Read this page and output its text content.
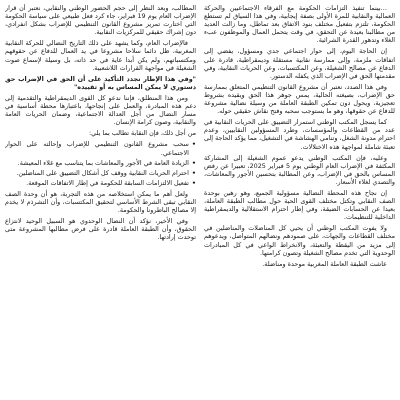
…بينما تنفيذ التزامات الحكومة مع الفرقاء الاجتماعيين والحركة العمالية والنقابية للمرة الأولى بصفة إيجابية، وفي هذا السياق لم تستطع الحكومة، تلتزم بتفعيل مختلف بنود الاتفاق بعد تماطل، وما زالت العديد من مطالبنا بعيدة عن التحقق، في وقت يتحمل العمال والموظفون عبء الغلاء وتدهور القدرة الشرائية.

إن الحاجة اليوم، إلى حوار اجتماعي جدي ومسؤول، يفضي إلى اتفاقات ملزمة، وإلى ممارسة نقابية مستقلة وديمقراطية، قادرة على الدفاع عن مصالح الشغيلة، وعن المكتسبات، وعن الحريات النقابية، وفي مقدمتها الحق في الإضراب الذي يكفله الدستور.

وفي هذا الصدد، نعتبر أن مشروع القانون التنظيمي المتعلق بممارسة حق الإضراب، بصيغته الحالية، يمس جوهر هذا الحق ويقيده بشروط تعجيزية، ويحول دون تمكين الطبقة العاملة من وسيلة نضالية مشروعة للدفاع عن حقوقها، وهو ما يستوجب سحبه وفتح نقاش حقيقي حوله.

كما يسجل المكتب الوطني استمرار التضييق على الحريات النقابية في عدد من القطاعات والمؤسسات، وطرد المسؤولين النقابيين، وعدم احترام مدونة الشغل، وتنامي الهشاشة في التشغيل، مما يؤكد الحاجة إلى تعبئة شاملة لمواجهة هذه الاختلالات.

وعليه، فإن المكتب الوطني يدعو عموم الشغيلة إلى المشاركة المكثفة في الإضراب العام الوطني يوم 5 فبراير 2025، تعبيرا عن رفض المساس بالحق في الإضراب، وعن المطالبة بتحسين الأجور والمعاشات، والتصدي لغلاء الأسعار.

إن نجاح هذه المحطة النضالية مسؤولية الجميع، وهو رهين بوحدة الصف النقابي وتكتل مختلف القوى الحية حول مطالب الطبقة العاملة، بعيدا عن الحسابات الضيقة، وفي إطار احترام الاستقلالية والديمقراطية الداخلية للتنظيمات.

ولا يفوت المكتب الوطني أن يحيي كل المناضلات والمناضلين في مختلف القطاعات والجهات، على صمودهم ونضالهم المتواصل، ويدعوهم إلى مزيد من اليقظة والتعبئة، والانخراط الواعي في كل المبادرات الوحدوية التي تخدم مصالح الشغيلة وتصون كرامتها.

عاشت الطبقة العاملة المغربية موحدة ومناضلة.

المطالب، وبعد النظر إلى حجم الحضور الوطني والنقابي، نعتبر أن قرار الإضراب العام يوم 19 فبراير، جاء كرد فعل طبيعي على سياسة الحكومة التي اختارت تمرير مشروع القانون التنظيمي للإضراب بشكل انفرادي، دون إشراك حقيقي للمركزيات النقابية.

فالإضراب العام، وكما يشهد على ذلك التاريخ النضالي للحركة النقابية المغربية، ظل دائما سلاحا مشروعا في يد العمال للدفاع عن حقوقهم ومكتسباتهم، ولم يكن أبدا غاية في حد ذاته، بل وسيلة لإسماع صوت الشغيلة في مواجهة القرارات اللاشعبية.

"وفي هذا الإطار نجدد التأكيد على أن الحق في الإضراب حق دستوري لا يمكن المساس به أو تقييده"

ومن هذا المنطلق، فإننا ندعو كل القوى الديمقراطية والتقدمية إلى دعم هذه المبادرة، والعمل على إنجاحها، باعتبارها محطة أساسية في مسار النضال من أجل العدالة الاجتماعية، وضمان الحريات العامة والنقابية، وصون كرامة الإنسان.

من أجل ذلك، فإن النقابة تطالب بما يلي:

•
سحب مشروع القانون التنظيمي للإضراب وإحالته على الحوار الاجتماعي.
•
الزيادة العامة في الأجور والمعاشات بما يتناسب مع غلاء المعيشة.
•
احترام الحريات النقابية ووقف كل أشكال التضييق على المناضلين.
•
تفعيل الالتزامات السابقة للحكومة في إطار الاتفاقات الموقعة.

ولعل أهم ما يمكن استخلاصه من هذه التجربة، هو أن وحدة الصف النقابي تبقى الشرط الأساسي لتحقيق المكتسبات، وأن التشرذم لا يخدم إلا مصالح الباطرونا والحكومة.

وفي الأخير، نؤكد أن النضال الوحدوي هو السبيل الوحيد لانتزاع الحقوق، وأن الطبقة العاملة قادرة على فرض مطالبها المشروعة متى توحدت إرادتها.
